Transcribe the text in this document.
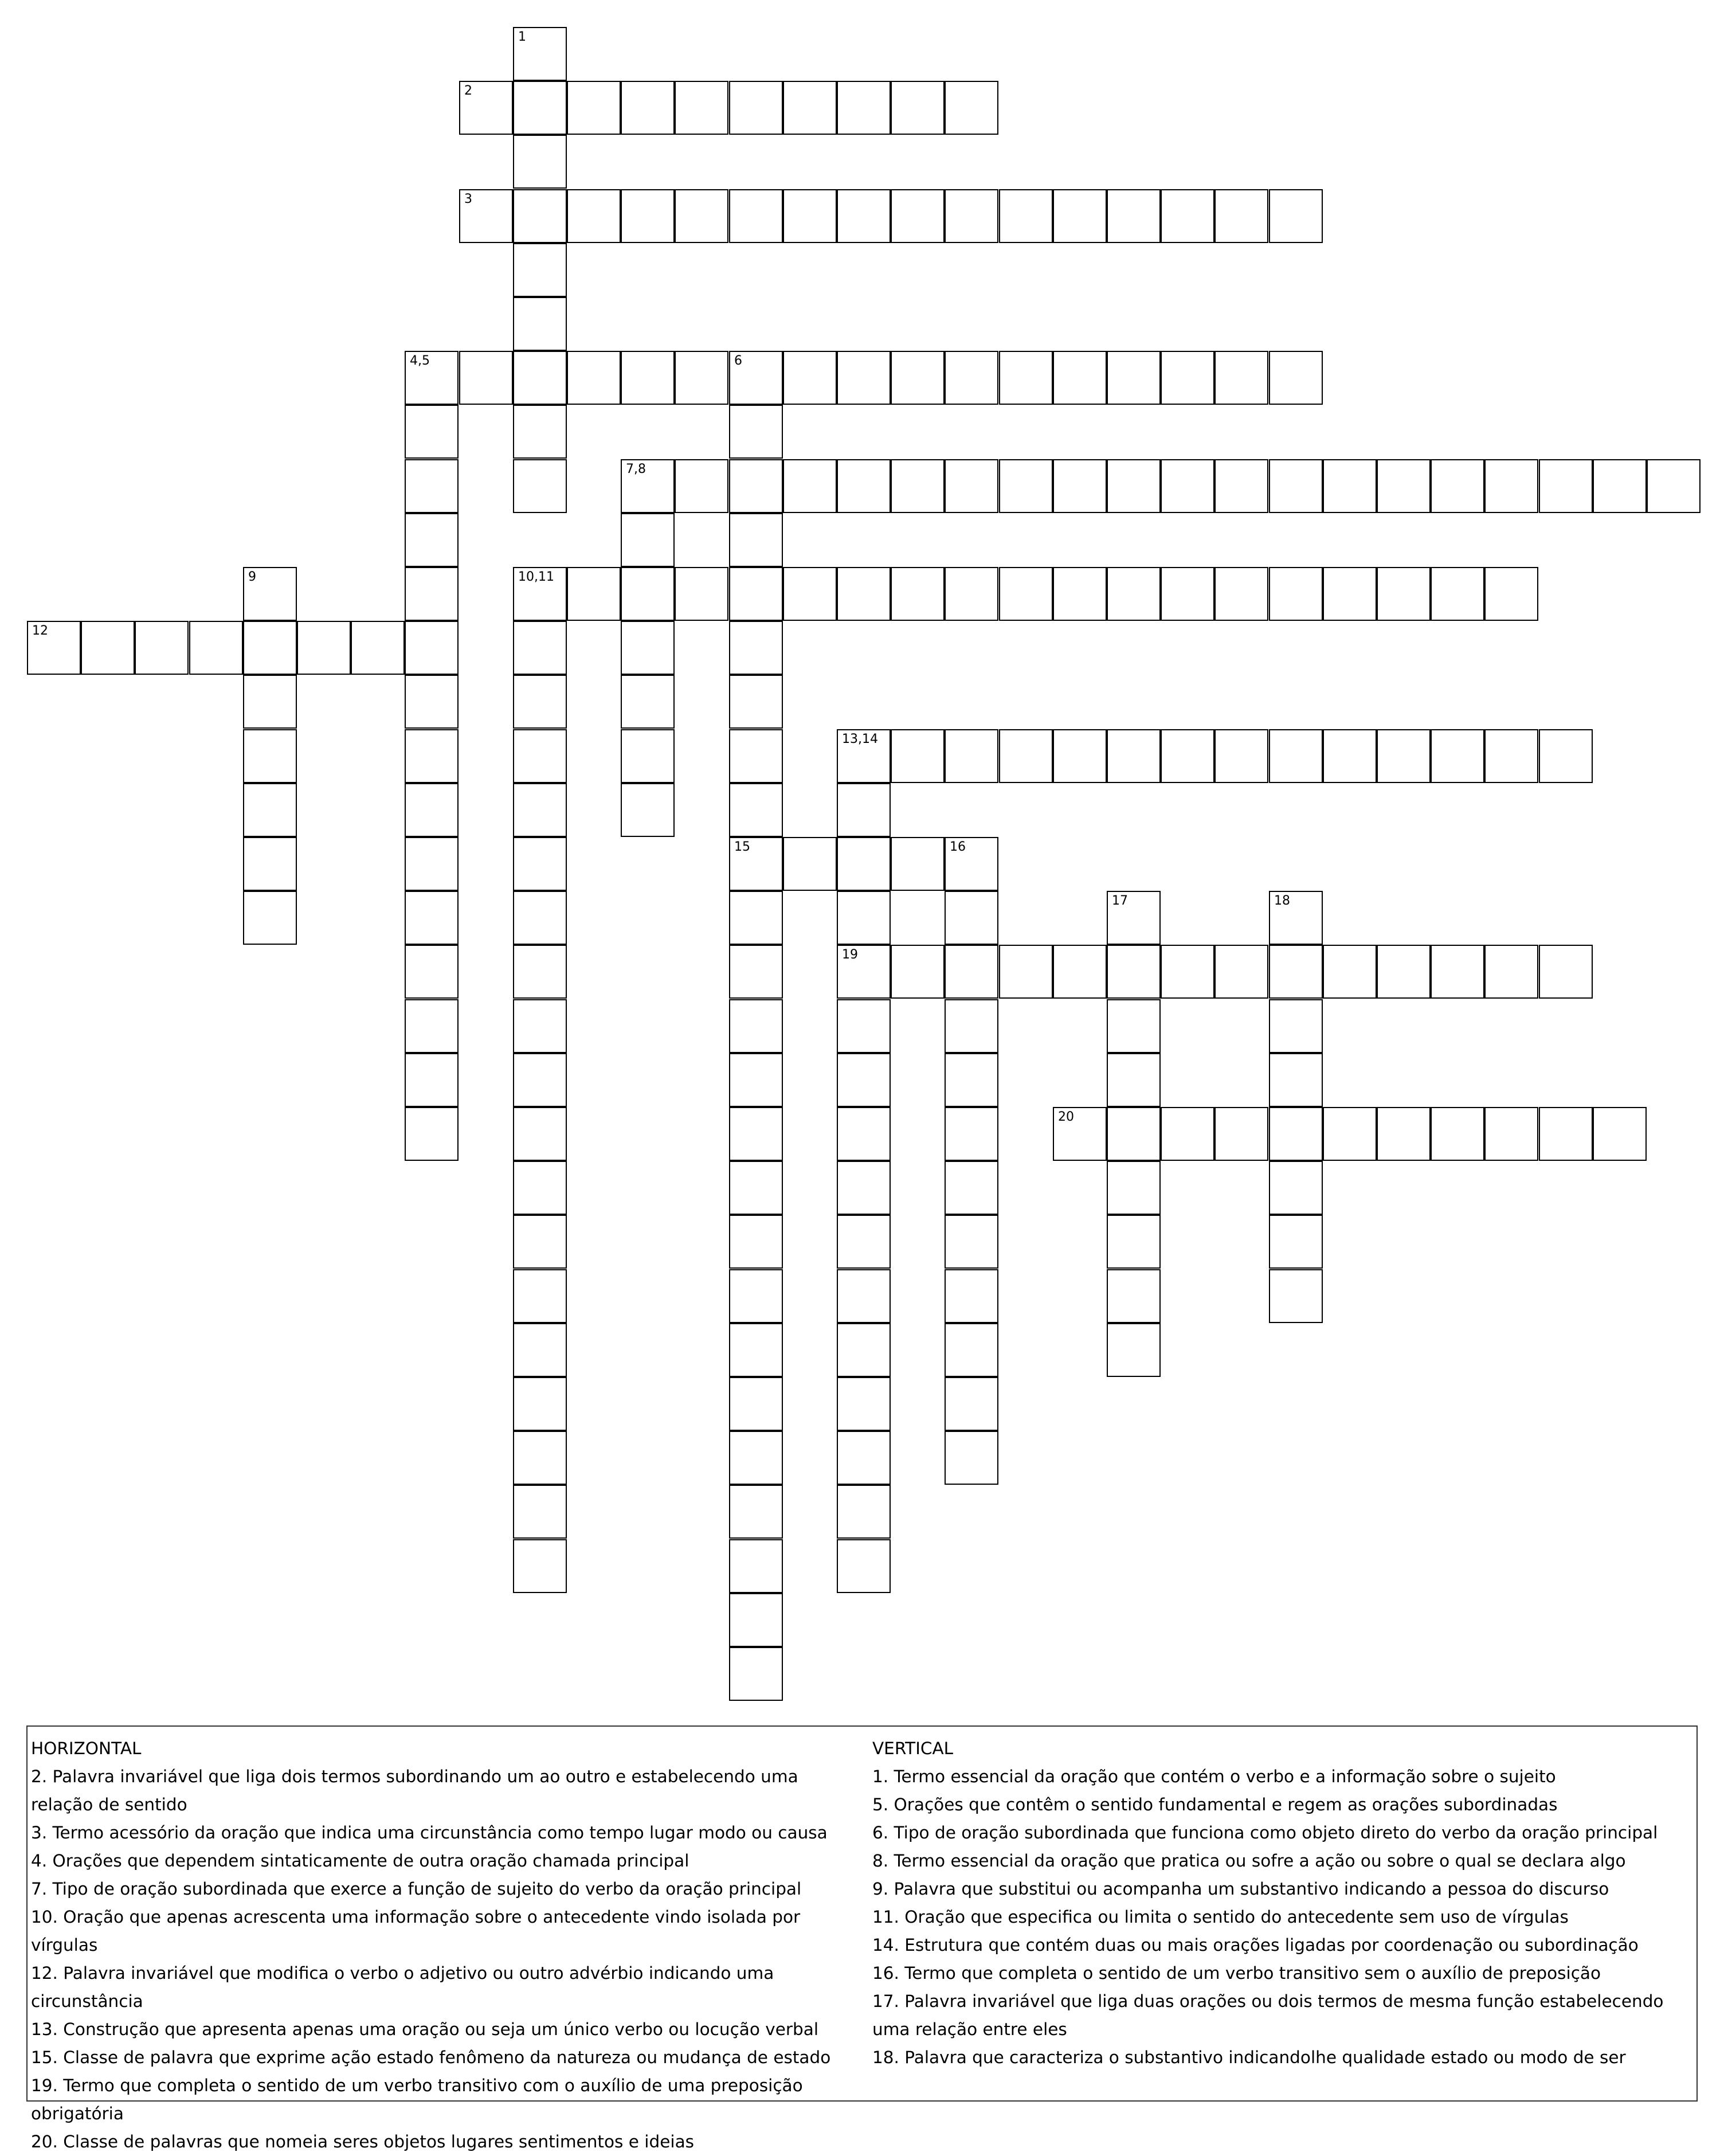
1
2
3
4,5	6
15
7,8
9	10,11
12
13,14
19
16
17	18
20
HORIZONTAL
2. Palavra invariável que liga dois termos subordinando um ao outro e estabelecendo uma relação de sentido
3. Termo acessório da oração que indica uma circunstância como tempo lugar modo ou causa
4. Orações que dependem sintaticamente de outra oração chamada principal
7. Tipo de oração subordinada que exerce a função de sujeito do verbo da oração principal
10. Oração que apenas acrescenta uma informação sobre o antecedente vindo isolada por vírgulas
12. Palavra invariável que modifica o verbo o adjetivo ou outro advérbio indicando uma circunstância
13. Construção que apresenta apenas uma oração ou seja um único verbo ou locução verbal
15. Classe de palavra que exprime ação estado fenômeno da natureza ou mudança de estado
19. Termo que completa o sentido de um verbo transitivo com o auxílio de uma preposição obrigatória
20. Classe de palavras que nomeia seres objetos lugares sentimentos e ideias
VERTICAL
1. Termo essencial da oração que contém o verbo e a informação sobre o sujeito
5. Orações que contêm o sentido fundamental e regem as orações subordinadas
6. Tipo de oração subordinada que funciona como objeto direto do verbo da oração principal
8. Termo essencial da oração que pratica ou sofre a ação ou sobre o qual se declara algo
9. Palavra que substitui ou acompanha um substantivo indicando a pessoa do discurso
11. Oração que especifica ou limita o sentido do antecedente sem uso de vírgulas
14. Estrutura que contém duas ou mais orações ligadas por coordenação ou subordinação
16. Termo que completa o sentido de um verbo transitivo sem o auxílio de preposição
17. Palavra invariável que liga duas orações ou dois termos de mesma função estabelecendo uma relação entre eles
18. Palavra que caracteriza o substantivo indicandolhe qualidade estado ou modo de ser
